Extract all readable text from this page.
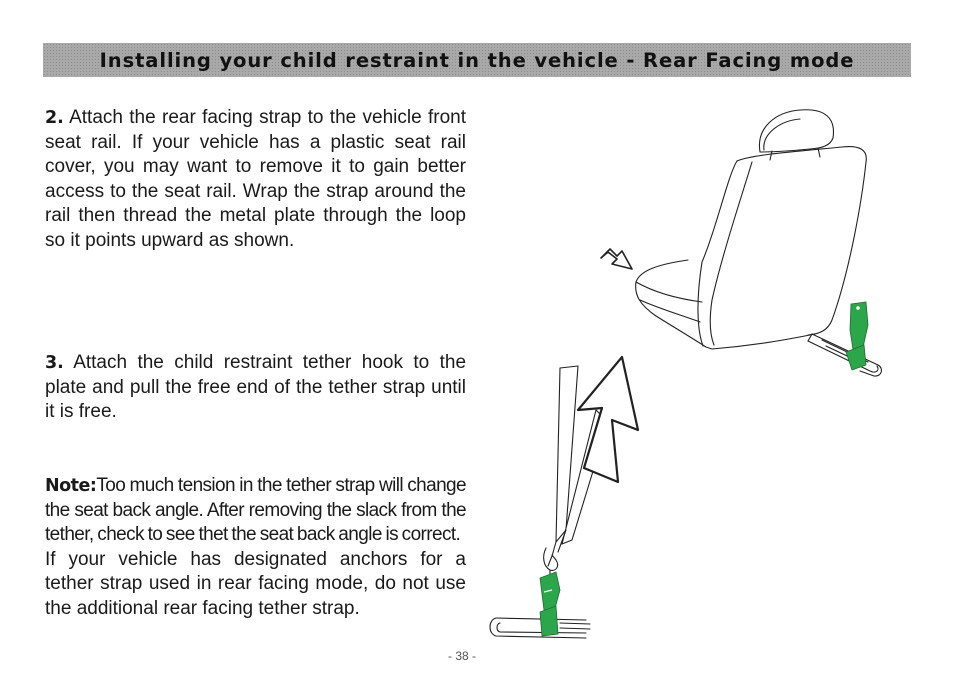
Installing your child restraint in the vehicle - Rear Facing mode

2. Attach the rear facing strap to the vehicle front seat rail. If your vehicle has a plastic seat rail cover, you may want to remove it to gain better access to the seat rail. Wrap the strap around the rail then thread the metal plate through the loop so it points upward as shown.

3. Attach the child restraint tether hook to the plate and pull the free end of the tether strap until it is free.

Note:Too much tension in the tether strap will change the seat back angle. After removing the slack from the tether, check to see thet the seat back angle is correct.

If your vehicle has designated anchors for a tether strap used in rear facing mode, do not use the additional rear facing tether strap.

- 38 -
